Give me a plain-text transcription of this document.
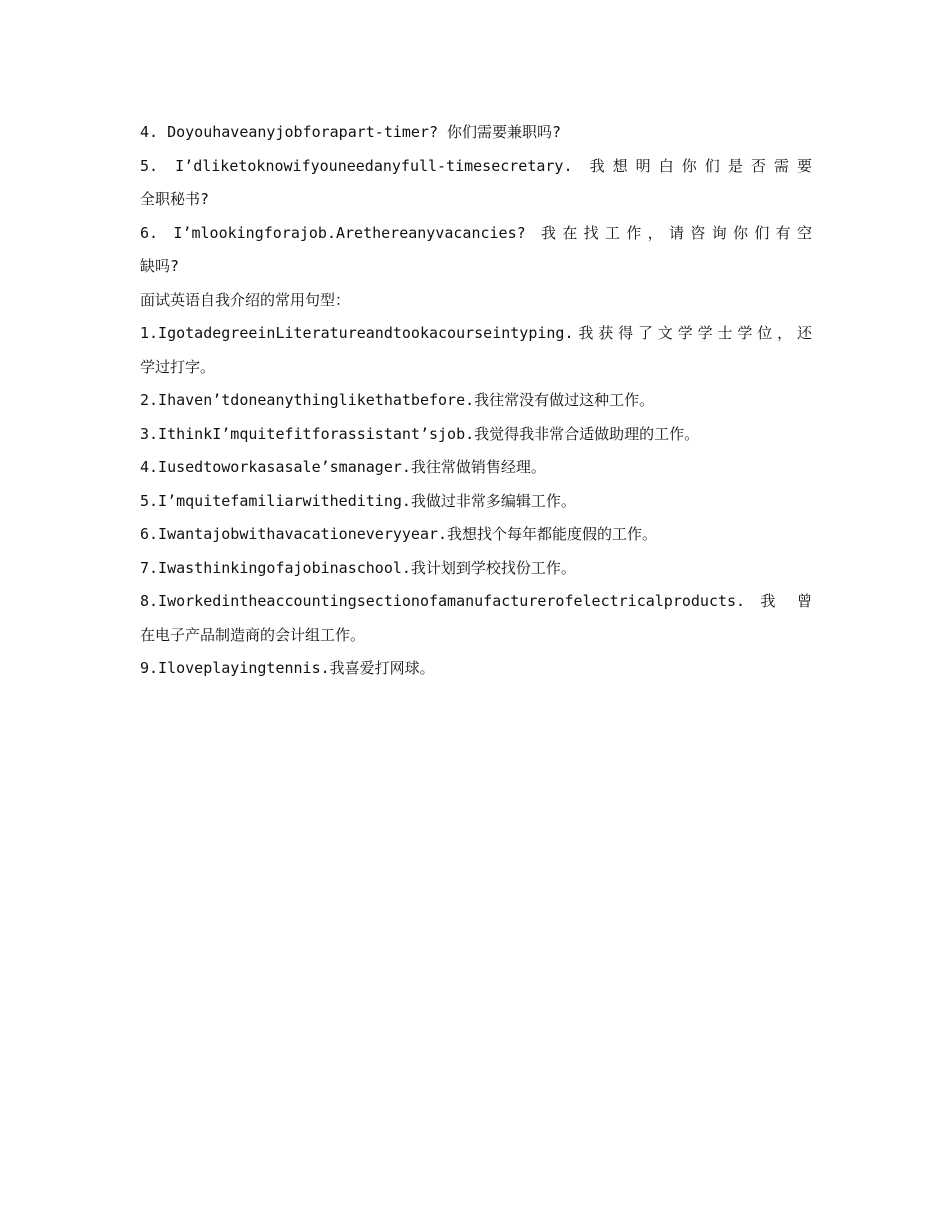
4. Doyouhaveanyjobforapart-timer? 你们需要兼职吗?

5. I’dliketoknowifyouneedanyfull-timesecretary. 我想明白你们是否需要

全职秘书?

6. I’mlookingforajob.Arethereanyvacancies? 我在找工作，请咨询你们有空

缺吗?

面试英语自我介绍的常用句型：

1.IgotadegreeinLiteratureandtookacourseintyping.我获得了文学学士学位，还

学过打字。

2.Ihaven’tdoneanythinglikethatbefore.我往常没有做过这种工作。

3.IthinkI’mquitefitforassistant’sjob.我觉得我非常合适做助理的工作。

4.Iusedtoworkasasale’smanager.我往常做销售经理。

5.I’mquitefamiliarwithediting.我做过非常多编辑工作。

6.Iwantajobwithavacationeveryyear.我想找个每年都能度假的工作。

7.Iwasthinkingofajobinaschool.我计划到学校找份工作。

8.Iworkedintheaccountingsectionofamanufacturerofelectricalproducts. 我 曾

在电子产品制造商的会计组工作。

9.Iloveplayingtennis.我喜爱打网球。
